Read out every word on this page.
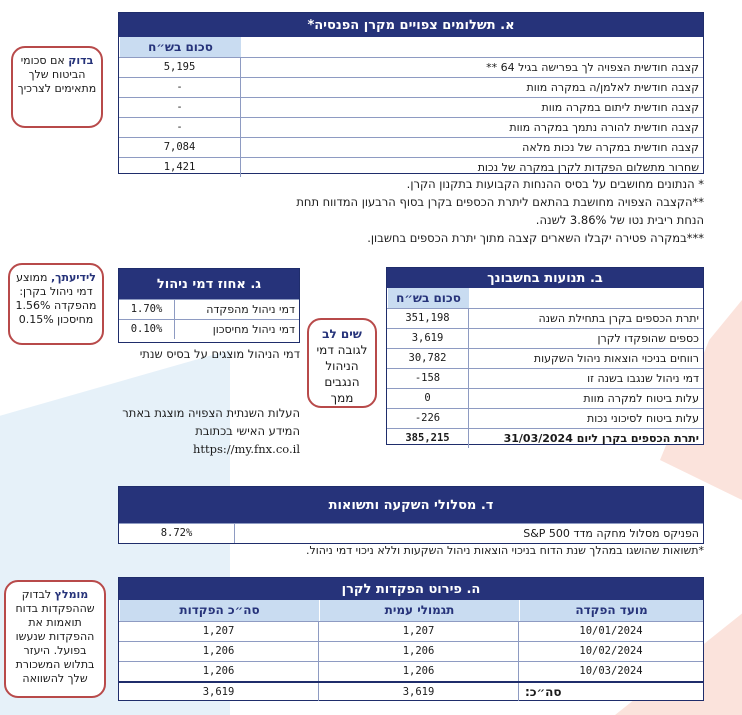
א. תשלומים צפויים מקרן הפנסיה*
סכום בש״ח
קצבה חודשית הצפויה לך בפרישה בגיל 64 **
5,195
קצבה חודשית לאלמן/ה במקרה מוות
-
קצבה חודשית ליתום במקרה מוות
-
קצבה חודשית להורה נתמך במקרה מוות
-
קצבה חודשית במקרה של נכות מלאה
7,084
שחרור מתשלום הפקדות לקרן במקרה של נכות
1,421
* הנתונים מחושבים על בסיס ההנחות הקבועות בתקנון הקרן.
**הקצבה הצפויה מחושבת בהתאם ליתרת הכספים בקרן בסוף הרבעון המדווח תחת
הנחת ריבית נטו של 3.86% לשנה.
***במקרה פטירה יקבלו השארים קצבה מתוך יתרת הכספים בחשבון.
בדוק אם סכומי הביטוח שלך מתאימים לצרכיך
ב. תנועות בחשבונך
סכום בש״ח
יתרת הכספים בקרן בתחילת השנה
351,198
כספים שהופקדו לקרן
3,619
רווחים בניכוי הוצאות ניהול השקעות
30,782
דמי ניהול שנגבו בשנה זו
-158
עלות ביטוח למקרה מוות
0
עלות ביטוח לסיכוני נכות
-226
יתרת הכספים בקרן ליום 31/03/2024
385,215
ג. אחוז דמי ניהול
דמי ניהול מהפקדה
1.70%
דמי ניהול מחיסכון
0.10%
דמי הניהול מוצגים על בסיס שנתי
העלות השנתית הצפויה מוצגת באתר המידע האישי בכתובת
https://my.fnx.co.il
לידיעתך, ממוצע דמי ניהול בקרן:
מהפקדה 1.56%
מחיסכון 0.15%
שים לב לגובה דמי הניהול הנגבים ממך
ד. מסלולי השקעה ותשואות
הפניקס מסלול מחקה מדד S&P 500
8.72%
*תשואות שהושגו במהלך שנת הדוח בניכוי הוצאות ניהול השקעות וללא ניכוי דמי ניהול.
ה. פירוט הפקדות לקרן
מועד הפקדה
תגמולי עמית
סה״כ הפקדות
10/01/2024
1,207
1,207
10/02/2024
1,206
1,206
10/03/2024
1,206
1,206
סה״כ:
3,619
3,619
מומלץ לבדוק שההפקדות בדוח תואמות את ההפקדות שנעשו בפועל. היעזר בתלוש המשכורת שלך להשוואה
